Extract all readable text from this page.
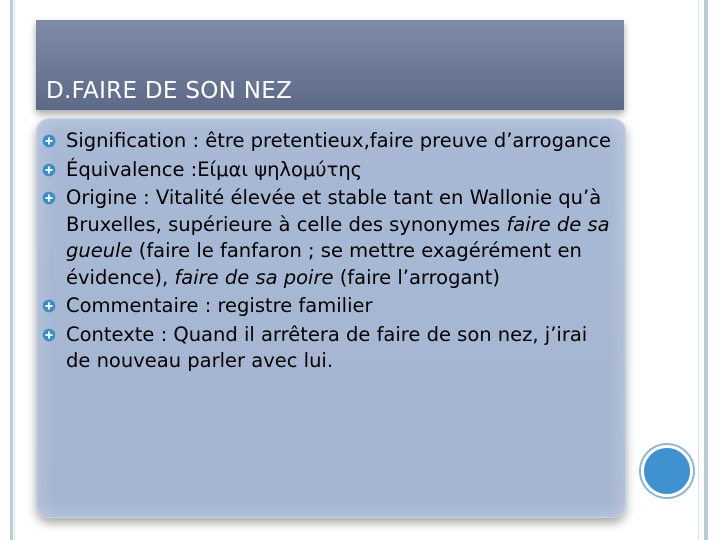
D.FAIRE DE SON NEZ
Signification : être pretentieux,faire preuve d’arrogance
Équivalence :Είμαι ψηλομύτης
Origine : Vitalité élevée et stable tant en Wallonie qu’à Bruxelles, supérieure à celle des synonymes faire de sa gueule (faire le fanfaron ; se mettre exagérément en évidence), faire de sa poire (faire l’arrogant)
Commentaire : registre familier
Contexte : Quand il arrêtera de faire de son nez, j’irai de nouveau parler avec lui.
